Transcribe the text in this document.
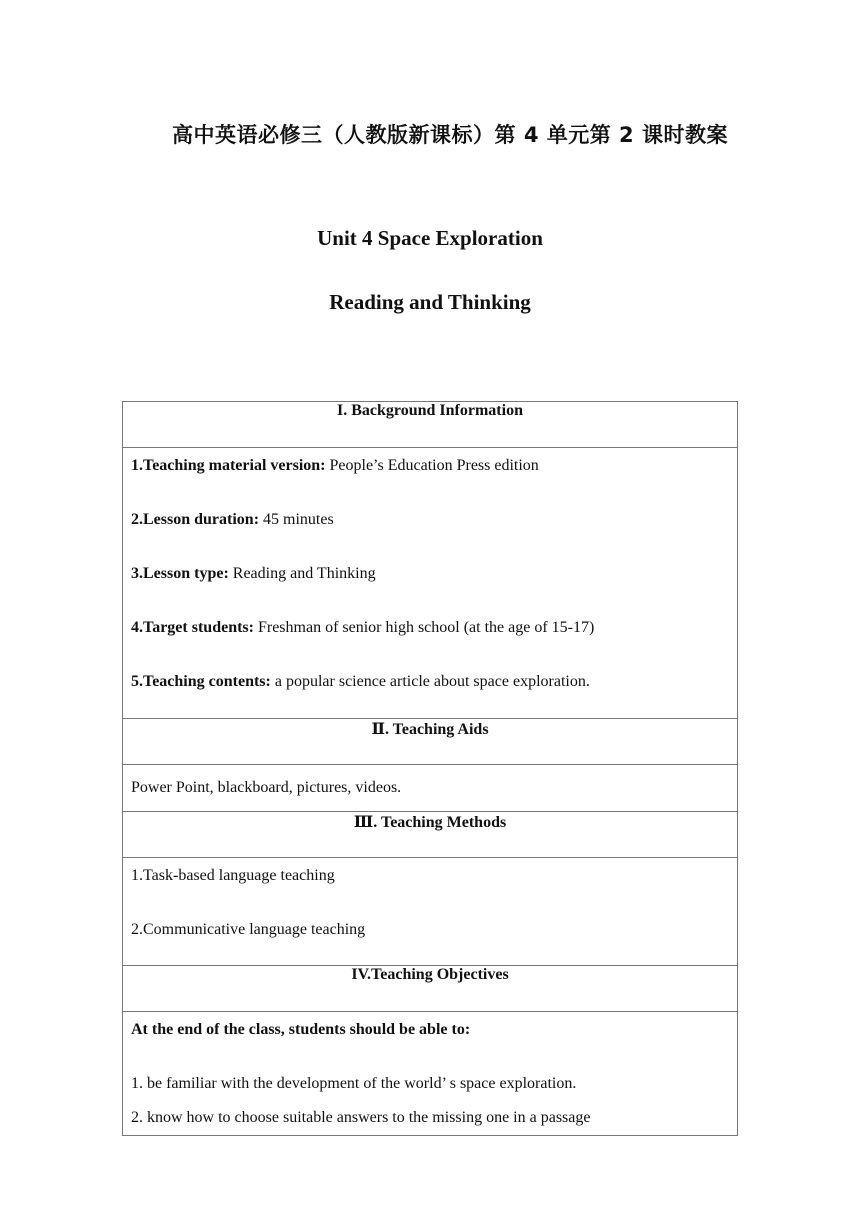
高中英语必修三（人教版新课标）第 4 单元第 2 课时教案
Unit 4 Space Exploration
Reading and Thinking
I. Background Information

1.Teaching material version: People’s Education Press edition

2.Lesson duration: 45 minutes

3.Lesson type: Reading and Thinking

4.Target students: Freshman of senior high school (at the age of 15-17)

5.Teaching contents: a popular science article about space exploration.

Ⅱ. Teaching Aids

Power Point, blackboard, pictures, videos.

Ⅲ. Teaching Methods

1.Task-based language teaching

2.Communicative language teaching

IV.Teaching Objectives

At the end of the class, students should be able to:

1. be familiar with the development of the world’ s space exploration.

2. know how to choose suitable answers to the missing one in a passage
